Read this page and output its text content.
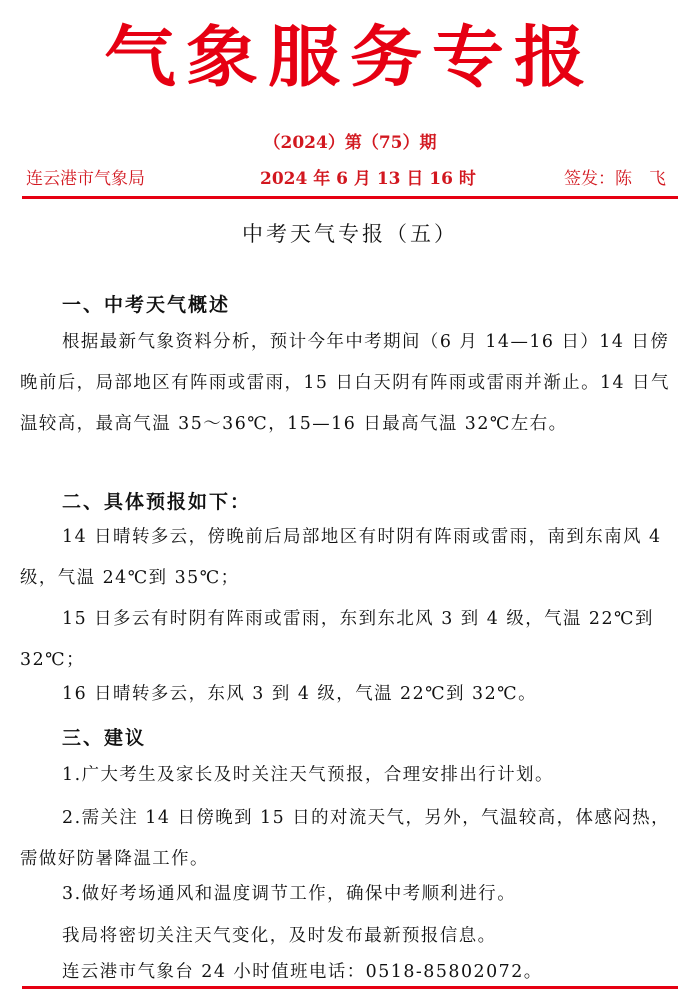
气象服务专报
（2024）第（75）期
连云港市气象局	2024 年 6 月 13 日 16 时	签发：陈　飞
中考天气专报（五）
一、中考天气概述
根据最新气象资料分析，预计今年中考期间（6 月 14—16 日）14 日傍晚前后，局部地区有阵雨或雷雨，15 日白天阴有阵雨或雷雨并渐止。14 日气温较高，最高气温 35～36℃，15—16 日最高气温 32℃左右。
二、具体预报如下：
14 日晴转多云，傍晚前后局部地区有时阴有阵雨或雷雨，南到东南风 4 级，气温 24℃到 35℃；
15 日多云有时阴有阵雨或雷雨，东到东北风 3 到 4 级，气温 22℃到 32℃；
16 日晴转多云，东风 3 到 4 级，气温 22℃到 32℃。
三、建议
1.广大考生及家长及时关注天气预报，合理安排出行计划。
2.需关注 14 日傍晚到 15 日的对流天气，另外，气温较高，体感闷热，需做好防暑降温工作。
3.做好考场通风和温度调节工作，确保中考顺利进行。
我局将密切关注天气变化，及时发布最新预报信息。
连云港市气象台 24 小时值班电话：0518-85802072。
